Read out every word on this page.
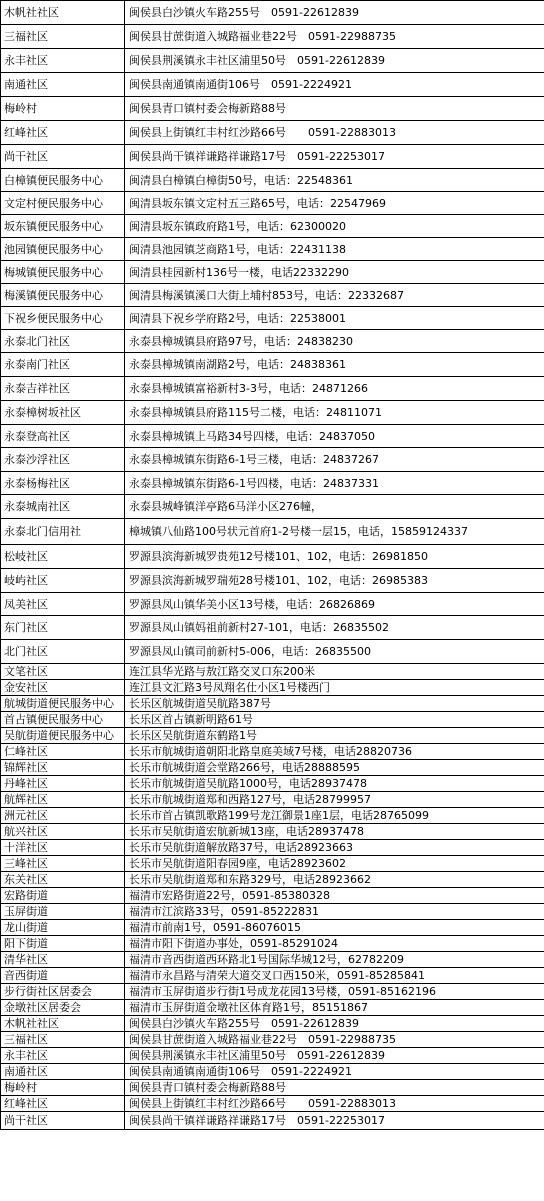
木帆社社区	闽侯县白沙镇火车路255号　0591-22612839
三福社区	闽侯县甘蔗街道入城路福业巷22号　0591-22988735
永丰社区	闽侯县荆溪镇永丰社区浦里50号　0591-22612839
南通社区	闽侯县南通镇南通街106号　0591-2224921
梅岭村	闽侯县青口镇村委会梅新路88号
红峰社区	闽侯县上街镇红丰村红沙路66号　　0591-22883013
尚干社区	闽侯县尚干镇祥谦路祥谦路17号　0591-22253017
白樟镇便民服务中心	闽清县白樟镇白樟街50号，电话：22548361
文定村便民服务中心	闽清县坂东镇文定村五三路65号，电话：22547969
坂东镇便民服务中心	闽清县坂东镇政府路1号，电话：62300020
池园镇便民服务中心	闽清县池园镇芝商路1号，电话：22431138
梅城镇便民服务中心	闽清县桂园新村136号一楼，电话22332290
梅溪镇便民服务中心	闽清县梅溪镇溪口大街上埔村853号，电话：22332687
下祝乡便民服务中心	闽清县下祝乡学府路2号，电话：22538001
永泰北门社区	永泰县樟城镇县府路97号，电话：24838230
永泰南门社区	永泰县樟城镇南湖路2号，电话：24838361
永泰吉祥社区	永泰县樟城镇富裕新村3-3号，电话：24871266
永泰樟树坂社区	永泰县樟城镇县府路115号二楼，电话：24811071
永泰登高社区	永泰县樟城镇上马路34号四楼，电话：24837050
永泰沙浮社区	永泰县樟城镇东街路6-1号三楼，电话：24837267
永泰杨梅社区	永泰县樟城镇东街路6-1号四楼，电话：24837331
永泰城南社区	永泰县城峰镇洋亭路6马洋小区276幢，
永泰北门信用社	樟城镇八仙路100号状元首府1-2号楼一层15，电话，15859124337
松岐社区	罗源县滨海新城罗贵苑12号楼101、102，电话：26981850
岐屿社区	罗源县滨海新城罗瑞苑28号楼101、102，电话：26985383
凤美社区	罗源县凤山镇华美小区13号楼，电话：26826869
东门社区	罗源县凤山镇妈祖前新村27-101，电话：26835502
北门社区	罗源县凤山镇司前新村5-006，电话：26835500
文笔社区	连江县华光路与敖江路交叉口东200米
金安社区	连江县文汇路3号凤翔名仕小区1号楼西门
航城街道便民服务中心	长乐区航城街道吴航路387号
首占镇便民服务中心	长乐区首占镇新明路61号
吴航街道便民服务中心	长乐区吴航街道东鹤路1号
仁峰社区	长乐市航城街道朝阳北路皇庭美域7号楼，电话28820736
锦辉社区	长乐市航城街道会堂路266号，电话28888595
丹峰社区	长乐市航城街道吴航路1000号，电话28937478
航辉社区	长乐市航城街道郑和西路127号，电话28799957
洲元社区	长乐市首占镇凯歌路199号龙江御景1座1层，电话28765099
航兴社区	长乐市吴航街道宏航新城13座，电话28937478
十洋社区	长乐市吴航街道解放路37号，电话28923663
三峰社区	长乐市吴航街道阳春园9座，电话28923602
东关社区	长乐市吴航街道郑和东路329号，电话28923662
宏路街道	福清市宏路街道22号，0591-85380328
玉屏街道	福清市江滨路33号，0591-85222831
龙山街道	福清市前南1号，0591-86076015
阳下街道	福清市阳下街道办事处，0591-85291024
清华社区	福清市音西街道西环路北1号国际华城12号，62782209
音西街道	福清市永昌路与清荣大道交叉口西150米，0591-85285841
步行街社区居委会	福清市玉屏街道步行街1号成龙花园13号楼，0591-85162196
金墩社区居委会	福清市玉屏街道金墩社区体育路1号，85151867
木帆社社区	闽侯县白沙镇火车路255号　0591-22612839
三福社区	闽侯县甘蔗街道入城路福业巷22号　0591-22988735
永丰社区	闽侯县荆溪镇永丰社区浦里50号　0591-22612839
南通社区	闽侯县南通镇南通街106号　0591-2224921
梅岭村	闽侯县青口镇村委会梅新路88号
红峰社区	闽侯县上街镇红丰村红沙路66号　　0591-22883013
尚干社区	闽侯县尚干镇祥谦路祥谦路17号　0591-22253017
